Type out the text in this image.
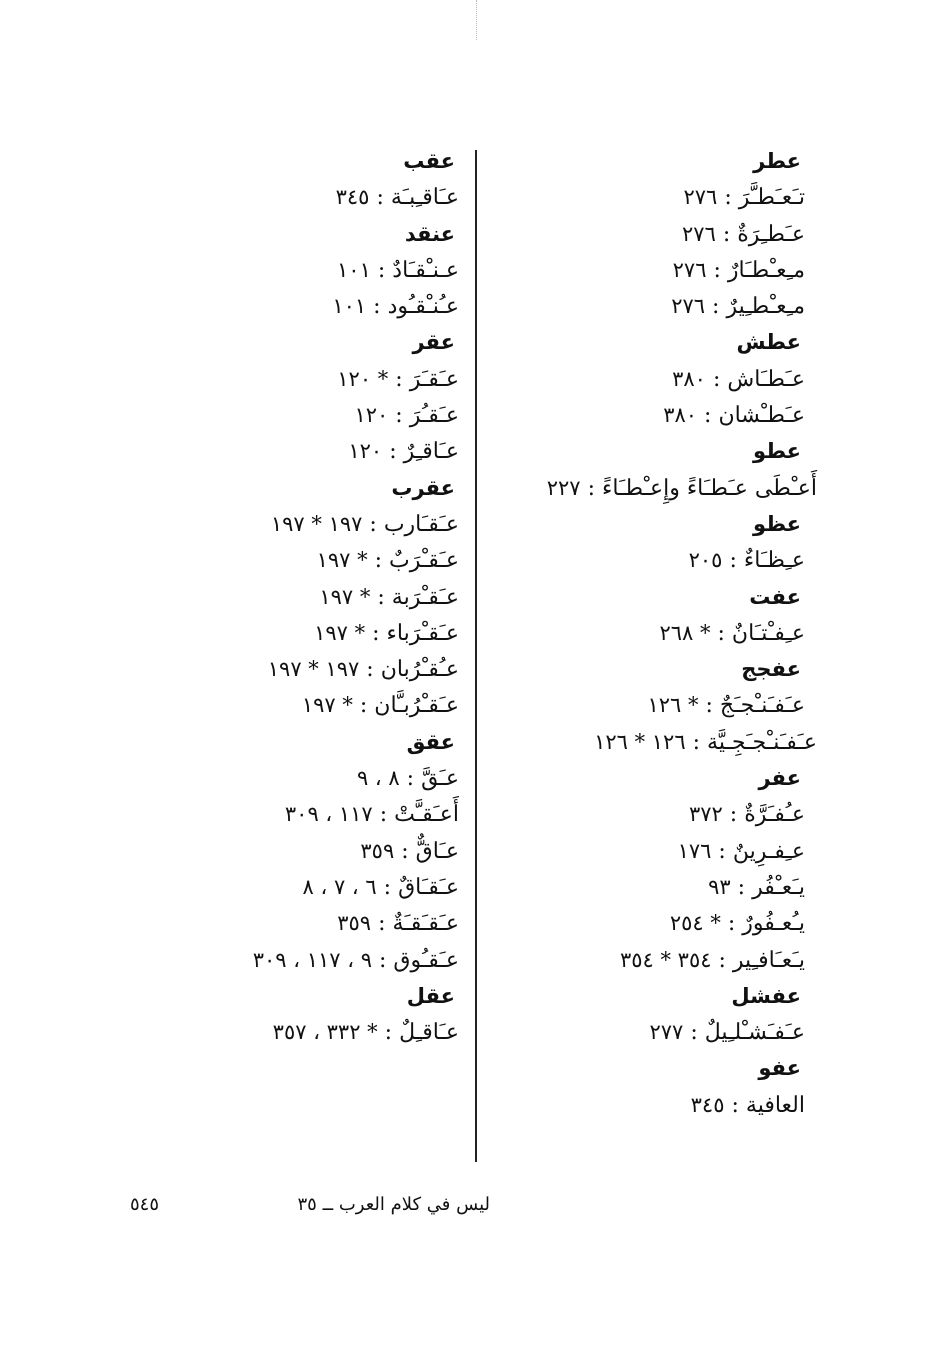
عطر
تـَعـَطـَّرَ : ٢٧٦
عـَطـِرَةٌ : ٢٧٦
مـِعـْطـَارٌ : ٢٧٦
مـِعـْطـِيرٌ : ٢٧٦
عطش
عـَطـَاش : ٣٨٠
عـَطـْشان : ٣٨٠
عطو
أَعـْطَى عـَطـَاءً وإِعـْطـَاءً : ٢٢٧
عظو
عـِظـَاءٌ : ٢٠٥
عفت
عـِفـْتـَانٌ : * ٢٦٨
عفجج
عـَفـَنـْجـَجٌ : * ١٢٦
عـَفـَنـْجـَجِـيَّة : ١٢٦ * ١٢٦
عفر
عـُفـَرَّةٌ : ٣٧٢
عـِفـرِينٌ : ١٧٦
يـَعـْفُر : ٩٣
يـُعـفُورٌ : * ٢٥٤
يـَعـَافـِير : ٣٥٤ * ٣٥٤
عفشل
عـَفـَشـْلـِيلٌ : ٢٧٧
عفو
العافية : ٣٤٥
عقب
عـَاقـِبـَة : ٣٤٥
عنقد
عـنـْقـَادٌ : ١٠١
عـُنـْقـُود : ١٠١
عقر
عـَقـَرَ : * ١٢٠
عـَقـُرَ : ١٢٠
عـَاقـِرٌ : ١٢٠
عقرب
عـَقـَارب : ١٩٧ * ١٩٧
عـَقـْرَبٌ : * ١٩٧
عـَقـْرَبة : * ١٩٧
عـَقـْرَباء : * ١٩٧
عـُقـْرُبان : ١٩٧ * ١٩٧
عـَقـْرُبـَّان : * ١٩٧
عقق
عـَقَّ : ٨ ، ٩
أَعـَقـَّتْ : ١١٧ ، ٣٠٩
عـَاقٌّ : ٣٥٩
عـَقـَاقٌ : ٦ ، ٧ ، ٨
عـَقـَقـَةٌ : ٣٥٩
عـَقـُوق : ٩ ، ١١٧ ، ٣٠٩
عقل
عـَاقـِلٌ : * ٣٣٢ ، ٣٥٧
٥٤٥	ليس في كلام العرب ــ ٣٥
